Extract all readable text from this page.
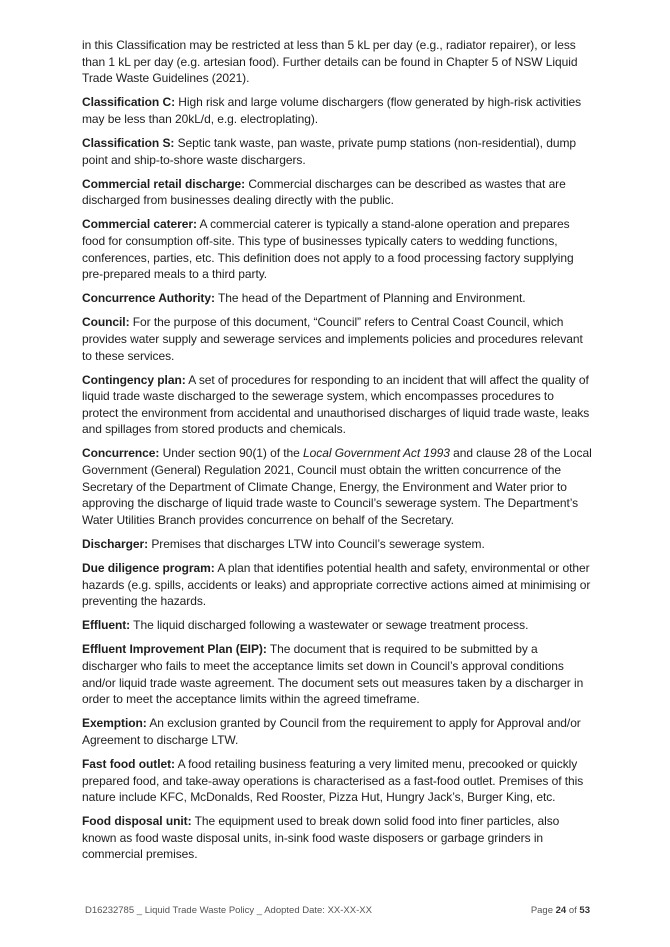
in this Classification may be restricted at less than 5 kL per day (e.g., radiator repairer), or less than 1 kL per day (e.g. artesian food). Further details can be found in Chapter 5 of NSW Liquid Trade Waste Guidelines (2021).

Classification C: High risk and large volume dischargers (flow generated by high-risk activities may be less than 20kL/d, e.g. electroplating).

Classification S: Septic tank waste, pan waste, private pump stations (non-residential), dump point and ship-to-shore waste dischargers.

Commercial retail discharge: Commercial discharges can be described as wastes that are discharged from businesses dealing directly with the public.

Commercial caterer: A commercial caterer is typically a stand-alone operation and prepares food for consumption off-site. This type of businesses typically caters to wedding functions, conferences, parties, etc. This definition does not apply to a food processing factory supplying pre-prepared meals to a third party.

Concurrence Authority: The head of the Department of Planning and Environment.

Council: For the purpose of this document, “Council” refers to Central Coast Council, which provides water supply and sewerage services and implements policies and procedures relevant to these services.

Contingency plan: A set of procedures for responding to an incident that will affect the quality of liquid trade waste discharged to the sewerage system, which encompasses procedures to protect the environment from accidental and unauthorised discharges of liquid trade waste, leaks and spillages from stored products and chemicals.

Concurrence: Under section 90(1) of the Local Government Act 1993 and clause 28 of the Local Government (General) Regulation 2021, Council must obtain the written concurrence of the Secretary of the Department of Climate Change, Energy, the Environment and Water prior to approving the discharge of liquid trade waste to Council’s sewerage system. The Department’s Water Utilities Branch provides concurrence on behalf of the Secretary.

Discharger: Premises that discharges LTW into Council’s sewerage system.

Due diligence program: A plan that identifies potential health and safety, environmental or other hazards (e.g. spills, accidents or leaks) and appropriate corrective actions aimed at minimising or preventing the hazards.

Effluent: The liquid discharged following a wastewater or sewage treatment process.

Effluent Improvement Plan (EIP): The document that is required to be submitted by a discharger who fails to meet the acceptance limits set down in Council’s approval conditions and/or liquid trade waste agreement. The document sets out measures taken by a discharger in order to meet the acceptance limits within the agreed timeframe.

Exemption: An exclusion granted by Council from the requirement to apply for Approval and/or Agreement to discharge LTW.

Fast food outlet: A food retailing business featuring a very limited menu, precooked or quickly prepared food, and take-away operations is characterised as a fast-food outlet. Premises of this nature include KFC, McDonalds, Red Rooster, Pizza Hut, Hungry Jack’s, Burger King, etc.

Food disposal unit: The equipment used to break down solid food into finer particles, also known as food waste disposal units, in-sink food waste disposers or garbage grinders in commercial premises.

D16232785 _ Liquid Trade Waste Policy _ Adopted Date: XX-XX-XX	Page 24 of 53
